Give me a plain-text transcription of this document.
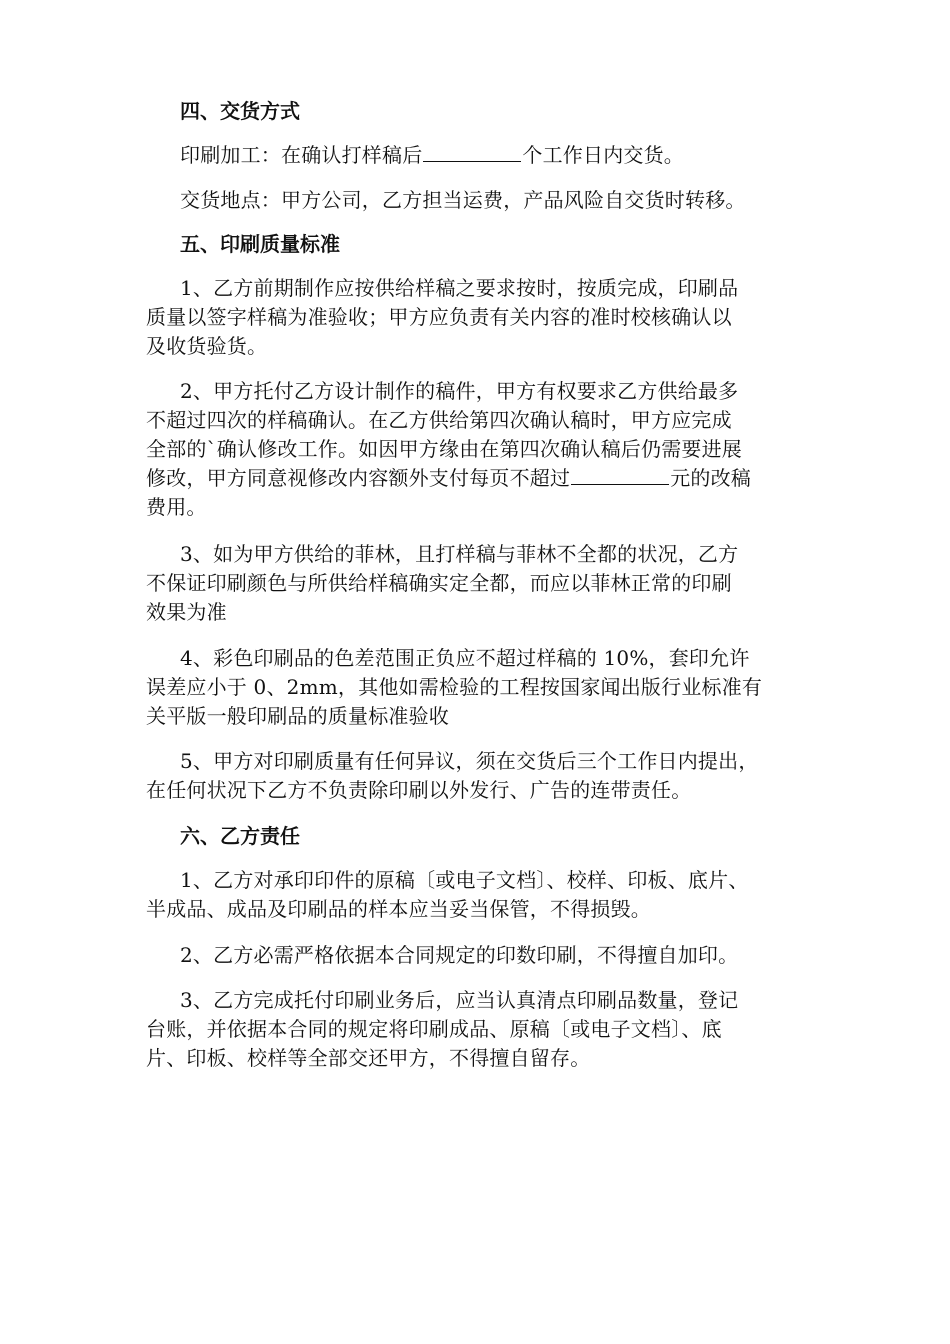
四、交货方式
印刷加工：在确认打样稿后	个工作日内交货。
交货地点：甲方公司，乙方担当运费，产品风险自交货时转移。
五、印刷质量标准
1、乙方前期制作应按供给样稿之要求按时，按质完成，印刷品
质量以签字样稿为准验收；甲方应负责有关内容的准时校核确认以
及收货验货。
2、甲方托付乙方设计制作的稿件，甲方有权要求乙方供给最多
不超过四次的样稿确认。在乙方供给第四次确认稿时，甲方应完成
全部的`确认修改工作。如因甲方缘由在第四次确认稿后仍需要进展
修改，甲方同意视修改内容额外支付每页不超过	元的改稿
费用。
3、如为甲方供给的菲林，且打样稿与菲林不全都的状况，乙方
不保证印刷颜色与所供给样稿确实定全都，而应以菲林正常的印刷
效果为准
4、彩色印刷品的色差范围正负应不超过样稿的 10%，套印允许
误差应小于 0、2mm，其他如需检验的工程按国家闻出版行业标准有
关平版一般印刷品的质量标准验收
5、甲方对印刷质量有任何异议，须在交货后三个工作日内提出，
在任何状况下乙方不负责除印刷以外发行、广告的连带责任。
六、乙方责任
1、乙方对承印印件的原稿〔或电子文档〕、校样、印板、底片、
半成品、成品及印刷品的样本应当妥当保管，不得损毁。
2、乙方必需严格依据本合同规定的印数印刷，不得擅自加印。
3、乙方完成托付印刷业务后，应当认真清点印刷品数量，登记
台账，并依据本合同的规定将印刷成品、原稿〔或电子文档〕、底
片、印板、校样等全部交还甲方，不得擅自留存。
